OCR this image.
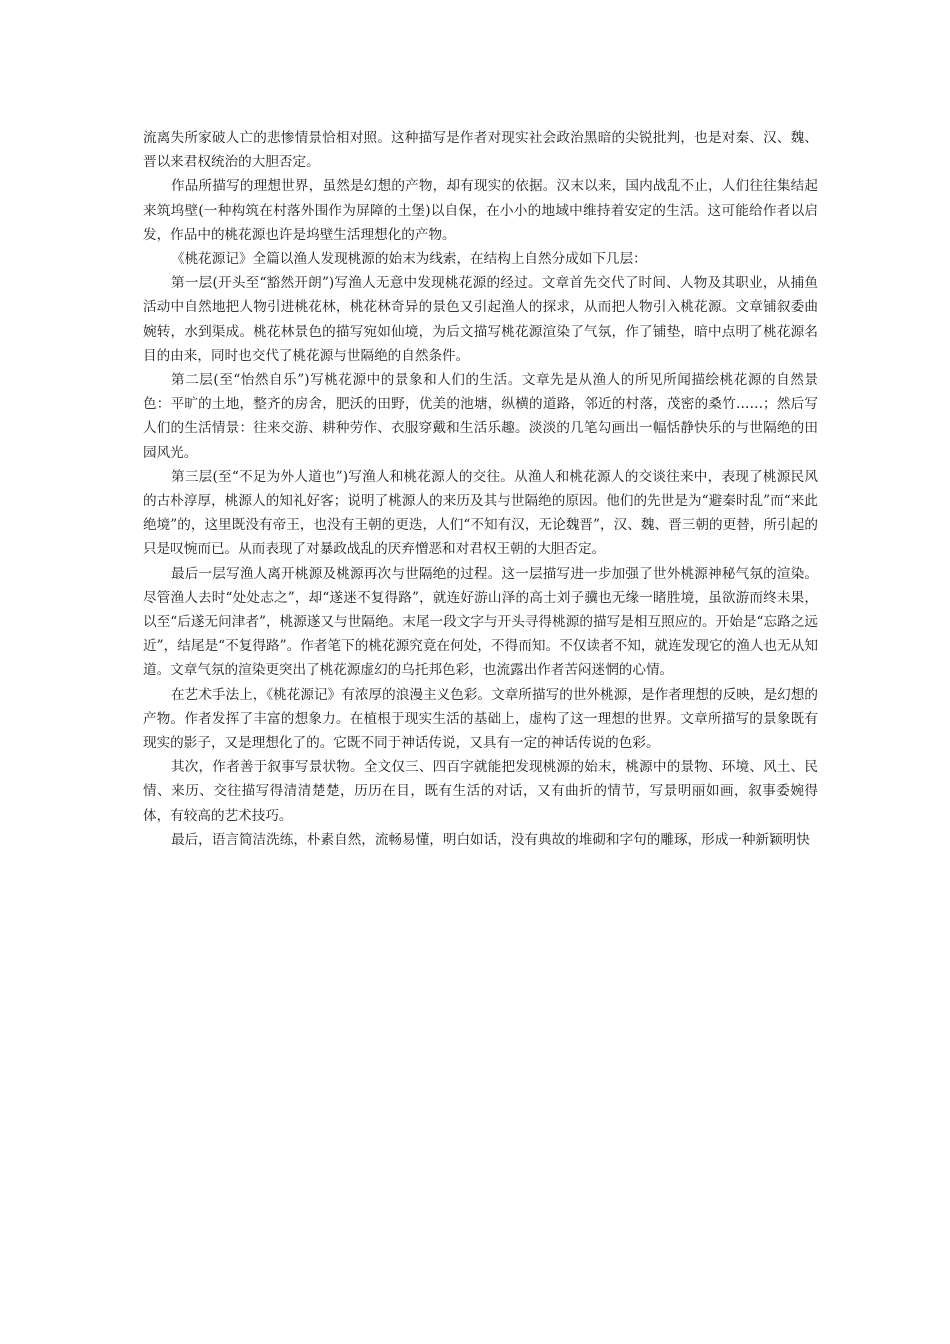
流离失所家破人亡的悲惨情景恰相对照。这种描写是作者对现实社会政治黑暗的尖锐批判，也是对秦、汉、魏、晋以来君权统治的大胆否定。

作品所描写的理想世界，虽然是幻想的产物，却有现实的依据。汉末以来，国内战乱不止，人们往往集结起来筑坞壁(一种构筑在村落外围作为屏障的土堡)以自保，在小小的地域中维持着安定的生活。这可能给作者以启发，作品中的桃花源也许是坞壁生活理想化的产物。

《桃花源记》全篇以渔人发现桃源的始末为线索，在结构上自然分成如下几层：

第一层(开头至“豁然开朗”)写渔人无意中发现桃花源的经过。文章首先交代了时间、人物及其职业，从捕鱼活动中自然地把人物引进桃花林，桃花林奇异的景色又引起渔人的探求，从而把人物引入桃花源。文章铺叙委曲婉转，水到渠成。桃花林景色的描写宛如仙境，为后文描写桃花源渲染了气氛，作了铺垫，暗中点明了桃花源名目的由来，同时也交代了桃花源与世隔绝的自然条件。

第二层(至“怡然自乐”)写桃花源中的景象和人们的生活。文章先是从渔人的所见所闻描绘桃花源的自然景色：平旷的土地，整齐的房舍，肥沃的田野，优美的池塘，纵横的道路，邻近的村落，茂密的桑竹……；然后写人们的生活情景：往来交游、耕种劳作、衣服穿戴和生活乐趣。淡淡的几笔勾画出一幅恬静快乐的与世隔绝的田园风光。

第三层(至“不足为外人道也”)写渔人和桃花源人的交往。从渔人和桃花源人的交谈往来中，表现了桃源民风的古朴淳厚，桃源人的知礼好客；说明了桃源人的来历及其与世隔绝的原因。他们的先世是为“避秦时乱”而“来此绝境”的，这里既没有帝王，也没有王朝的更迭，人们“不知有汉，无论魏晋”，汉、魏、晋三朝的更替，所引起的只是叹惋而已。从而表现了对暴政战乱的厌弃憎恶和对君权王朝的大胆否定。

最后一层写渔人离开桃源及桃源再次与世隔绝的过程。这一层描写进一步加强了世外桃源神秘气氛的渲染。尽管渔人去时“处处志之”，却“遂迷不复得路”，就连好游山泽的高士刘子骥也无缘一睹胜境，虽欲游而终未果，以至“后遂无问津者”，桃源遂又与世隔绝。末尾一段文字与开头寻得桃源的描写是相互照应的。开始是“忘路之远近”，结尾是“不复得路”。作者笔下的桃花源究竟在何处，不得而知。不仅读者不知，就连发现它的渔人也无从知道。文章气氛的渲染更突出了桃花源虚幻的乌托邦色彩，也流露出作者苦闷迷惘的心情。

在艺术手法上，《桃花源记》有浓厚的浪漫主义色彩。文章所描写的世外桃源，是作者理想的反映，是幻想的产物。作者发挥了丰富的想象力。在植根于现实生活的基础上，虚构了这一理想的世界。文章所描写的景象既有现实的影子，又是理想化了的。它既不同于神话传说，又具有一定的神话传说的色彩。

其次，作者善于叙事写景状物。全文仅三、四百字就能把发现桃源的始末，桃源中的景物、环境、风土、民情、来历、交往描写得清清楚楚，历历在目，既有生活的对话，又有曲折的情节，写景明丽如画，叙事委婉得体，有较高的艺术技巧。

最后，语言简洁洗练，朴素自然，流畅易懂，明白如话，没有典故的堆砌和字句的雕琢，形成一种新颖明快
